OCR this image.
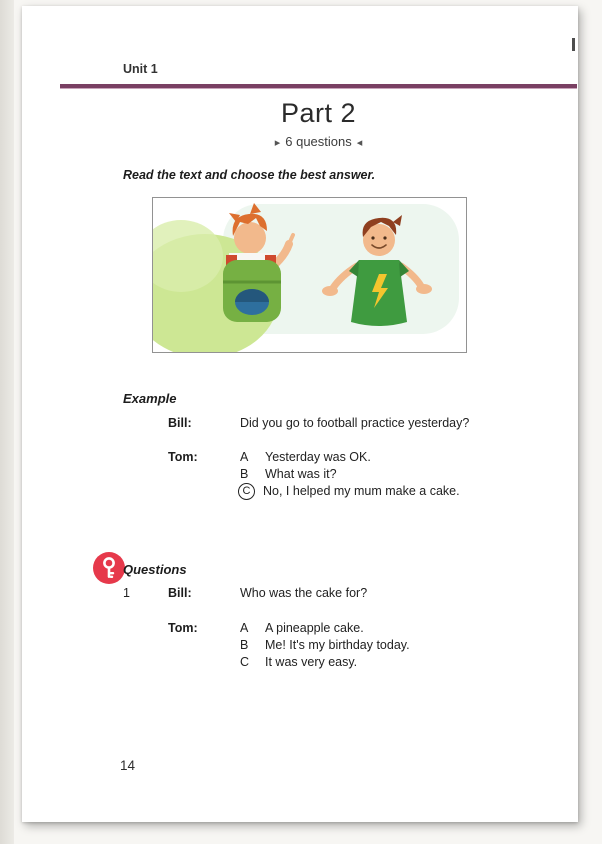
Unit 1
Part 2
▸ 6 questions ◂
Read the text and choose the best answer.
Example
Bill:	Did you go to football practice yesterday?
Tom:	A	Yesterday was OK.
B	What was it?
C	No, I helped my mum make a cake.
Questions
1	Bill:	Who was the cake for?
Tom:	A	A pineapple cake.
B	Me! It's my birthday today.
C	It was very easy.
14
